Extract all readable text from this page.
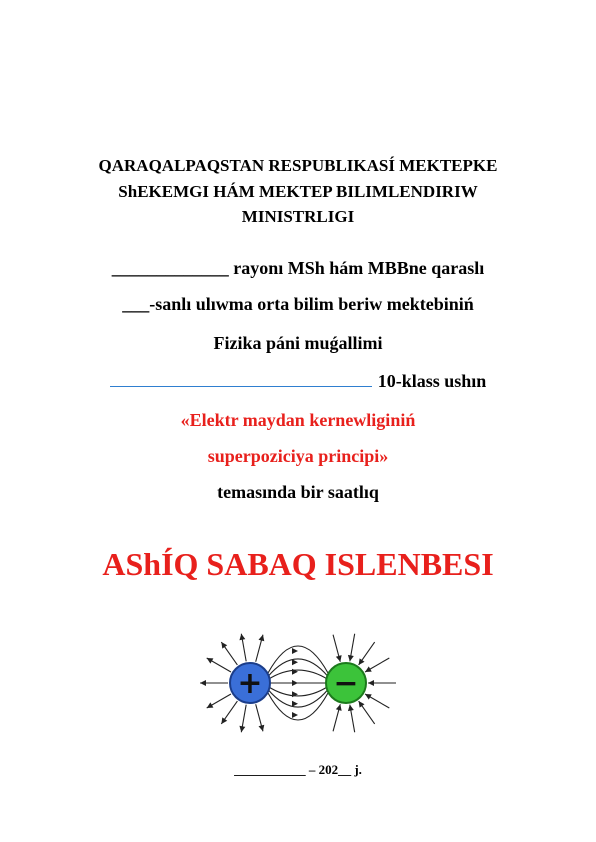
QARAQALPAQSTAN RESPUBLIKASÍ MEKTEPKE
ShEKEMGI HÁM MEKTEP BILIMLENDIRIW
MINISTRLIGI
_____________ rayonı MSh hám MBBne qaraslı
___-sanlı ulıwma orta bilim beriw mektebiniń
Fizika páni muǵallimi
10-klass ushın
«Elektr maydan kernewliginiń
superpoziciya principi»
temasında bir saatlıq
AShÍQ SABAQ ISLENBESI
+ −
___________ – 202__ j.
